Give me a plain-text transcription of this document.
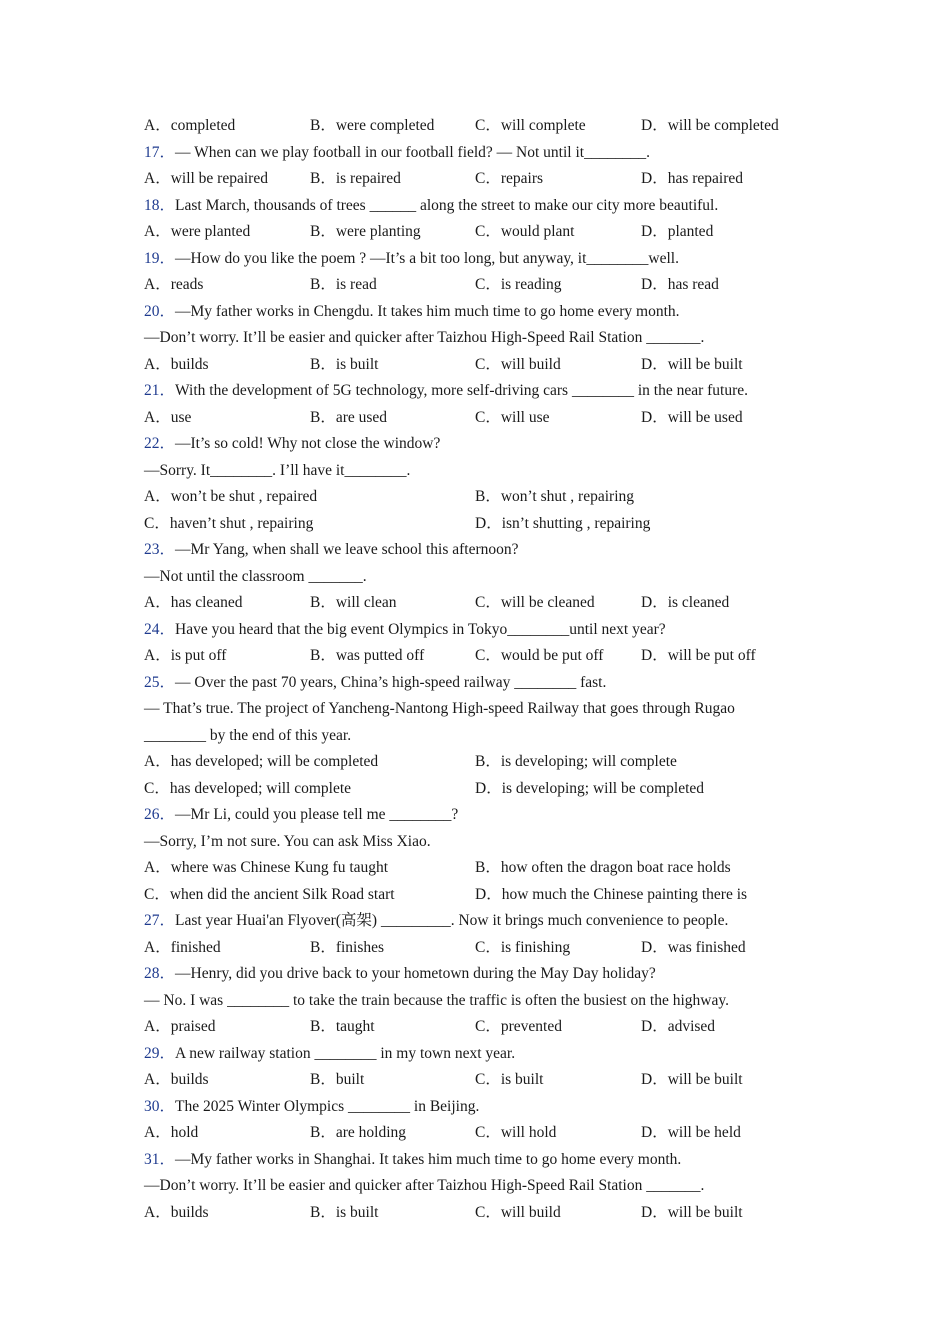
A．completed	B．were completed	C．will complete	D．will be completed
17．— When can we play football in our football field? — Not until it________.
A．will be repaired	B．is repaired	C．repairs	D．has repaired
18．Last March, thousands of trees ______ along the street to make our city more beautiful.
A．were planted	B．were planting	C．would plant	D．planted
19．—How do you like the poem ? —It’s a bit too long, but anyway, it________well.
A．reads	B．is read	C．is reading	D．has read
20．—My father works in Chengdu. It takes him much time to go home every month.
—Don’t worry. It’ll be easier and quicker after Taizhou High-Speed Rail Station _______.
A．builds	B．is built	C．will build	D．will be built
21．With the development of 5G technology, more self-driving cars ________ in the near future.
A．use	B．are used	C．will use	D．will be used
22．—It’s so cold! Why not close the window?
—Sorry. It________. I’ll have it________.
A．won’t be shut , repaired	B．won’t shut , repairing
C．haven’t shut , repairing	D．isn’t shutting , repairing
23．—Mr Yang, when shall we leave school this afternoon?
—Not until the classroom _______.
A．has cleaned	B．will clean	C．will be cleaned	D．is cleaned
24．Have you heard that the big event Olympics in Tokyo________until next year?
A．is put off	B．was putted off	C．would be put off D．will be put off
25．— Over the past 70 years, China’s high-speed railway ________ fast.
— That’s true. The project of Yancheng-Nantong High-speed Railway that goes through Rugao
________ by the end of this year.
A．has developed; will be completed	B．is developing; will complete
C．has developed; will complete	D．is developing; will be completed
26．—Mr Li, could you please tell me ________?
—Sorry, I’m not sure. You can ask Miss Xiao.
A．where was Chinese Kung fu taught	B．how often the dragon boat race holds
C．when did the ancient Silk Road start	D．how much the Chinese painting there is
27．Last year Huai'an Flyover(高架) _________. Now it brings much convenience to people.
A．finished	B．finishes	C．is finishing	D．was finished
28．—Henry, did you drive back to your hometown during the May Day holiday?
— No. I was ________ to take the train because the traffic is often the busiest on the highway.
A．praised	B．taught	C．prevented	D．advised
29．A new railway station ________ in my town next year.
A．builds	B．built	C．is built	D．will be built
30．The 2025 Winter Olympics ________ in Beijing.
A．hold	B．are holding	C．will hold	D．will be held
31．—My father works in Shanghai. It takes him much time to go home every month.
—Don’t worry. It’ll be easier and quicker after Taizhou High-Speed Rail Station _______.
A．builds	B．is built	C．will build	D．will be built
